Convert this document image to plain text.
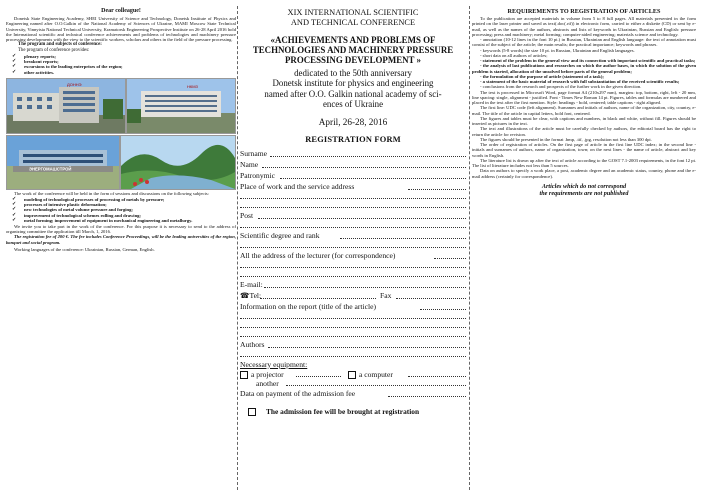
Dear colleague!

Donetsk State Engineering Academy, SHEI University of Science and Technology, Donetsk Institute of Physics and Engineering named after O.O.Galkin of the National Academy of Sciences of Ukraine, MAMI Moscow State Technical University, Vinnytsia National Technical University, Kramatorsk Engineering Prospective Institute on 26-28 April 2016 hold the International scientific and technical conference achievements and problems of technologies and machinery pressure processing developments with the view to the scientific workers, scholars and others in the field of the pressure processing.

The program and subjects of conference:

The program of conference provides:

✓ plenary reports;

✓ breakout reports;

✓ excursions to the leading enterprises of the region;

✓ other activities.

ДОННЭ	НКМЗ
ЭНЕРГОМАШСТРОЙ

The work of the conference will be held in the form of sessions and discussions on the following subjects:

✓ modeling of technological processes of processing of metals by pressure;

✓ processes of intensive plastic deformation;

✓ new technologies of metal volume pressure and forging;

✓ improvement of technological schemes rolling and drawing;

✓ metal forming; improvement of equipment in mechanical engineering and metallurgy.

We invite you to take part in the work of the conference. For this purpose it is necessary to send to the address of organizing committee the application till March, 1, 2016.

The registration fee of 200 €. The fee includes Conference Proceedings, will be the leading universities of the region, banquet and social program.

Working languages of the conference: Ukrainian, Russian, German, English.

XIX INTERNATIONAL SCIENTIFIC

AND TECHNICAL CONFERENCE

«ACHIEVEMENTS AND PROBLEMS OF

TECHNOLOGIES AND MACHINERY PRESSURE

PROCESSING DEVELOPMENT »

dedicated to the 50th anniversary

Donetsk institute for physics and engineering

named after O.O. Galkin national academy of sci-

ences of Ukraine

April, 26-28, 2016

REGISTRATION FORM

Surname
Name
Patronymic
Place of work and the service address
Post
Scientific degree and rank
All the address of the lecturer (for correspondence)
E-mail:
☎Tel:	Fax
Information on the report (title of the article)
Authors
Necessary equipment:
a projector	a computer
another
Data on payment of the admission fee
The admission fee will be brought at registration

REQUIREMENTS TO REGISTRATION OF ARTICLES

To the publication are accepted materials in volume from 5 to 8 full pages. All materials presented in the form printed on the laser printer and saved as text(.doc(.rtf)) in electronic form, carried to either a diskette (CD) or sent by e-mail, as well as the names of the authors, abstracts and lists of keywords in Ukrainian, Russian and English: pressure processing; press and machinery; metal forming; computer-aided engineering; materials science and technology.

- annotation (10-12 lines in the font 10 pt.) in Russian, Ukrainian and English language: the text of annotation must consist of the subject of the article; the main results; the practical importance; keywords and phrases.

- keywords (5-8 words) the size 10 pt. in Russian, Ukrainian and English languages.

- short data on all authors of articles;

- statement of the problem in the general view and its connection with important scientific and practical tasks;

- the analysis of last publications and researches on which the author bases, in which the solution of the given problem is started, allocation of the unsolved before parts of the general problem;

- the formulation of the purpose of article (statement of a task);

- a statement of the basic material of research with full substantiation of the received scientific results;

- conclusions from the research and prospects of the further work in the given direction.

The text is processed in Microsoft Word, page format A4 (210x297 mm), margins: top, bottom, right, left - 20 mm, line spacing: single, alignment - justified. Font - Times New Roman 14 pt. Figures, tables and formulas are numbered and placed in the text after the first mention. Style: headings - bold, centered; table captions - right aligned.

The first line: UDC code (left alignment). Surnames and initials of authors, name of the organization, city, country, e-mail. The title of the article in capital letters, bold font, centered.

The figures and tables must be clear, with captions and numbers, in black and white, without fill. Figures should be inserted as pictures in the text.

The text and illustrations of the article must be carefully checked by authors, the editorial board has the right to return the article for revision.

The figures should be presented in the format .bmp, .tif, .jpg, resolution not less than 300 dpi.

The order of registration of articles. On the first page of article in the first line UDC index; in the second line - initials and surnames of authors, name of organization, town; on the next lines - the name of article, abstract and key words in English.

The literature list is drawn up after the text of article according to the GOST 7.1-2003 requirements, in the font 12 pt. The list of literature includes not less than 5 sources.

Data on authors to specify a work place, a post, academic degree and an academic status, country, phone and the e-mail address (certainly for correspondence).

Articles which do not correspond

the requirements are not published
